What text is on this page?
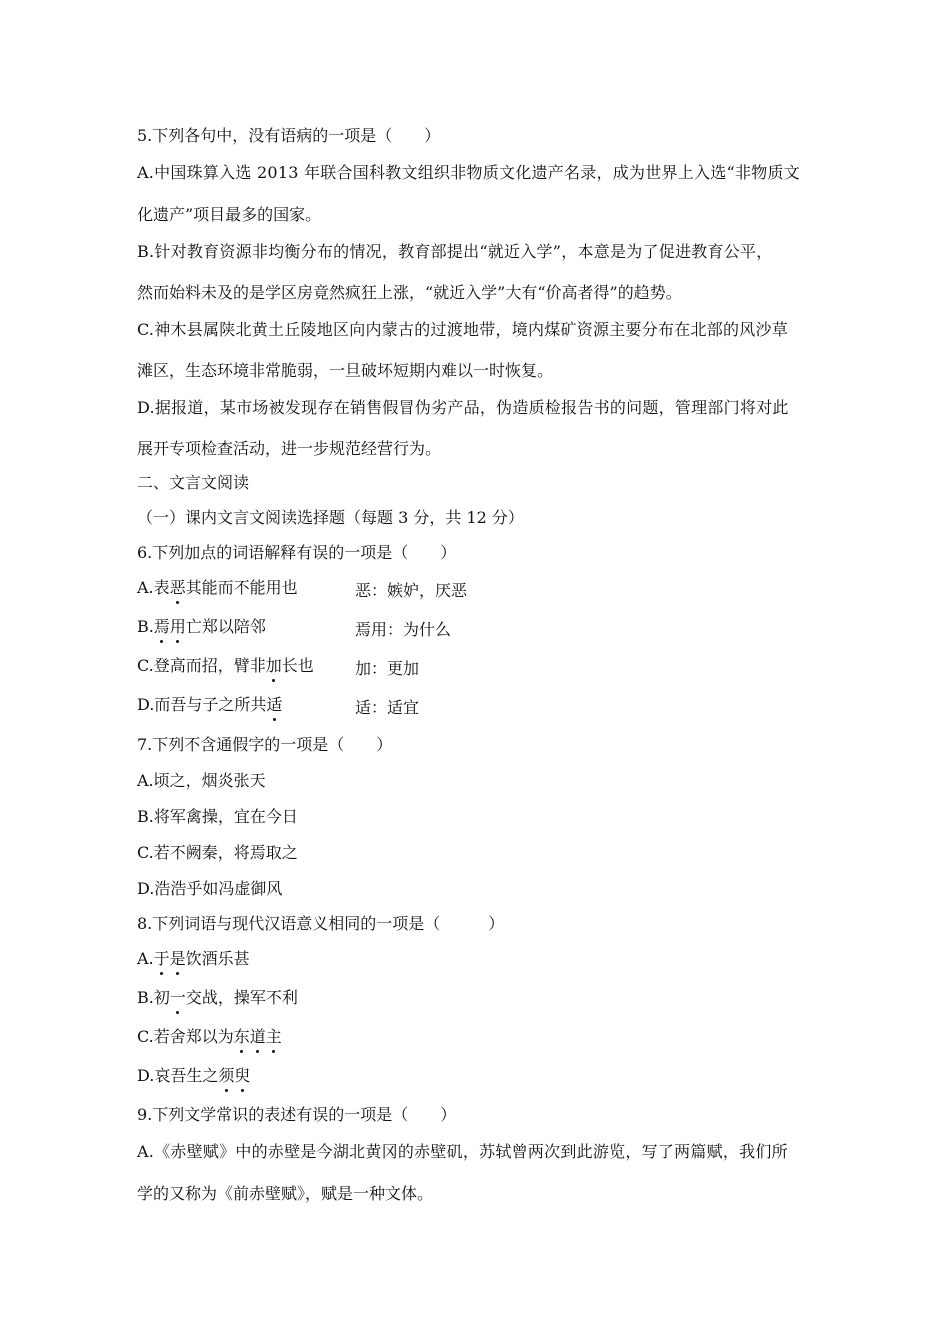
5.下列各句中，没有语病的一项是（　　）
A.中国珠算入选 2013 年联合国科教文组织非物质文化遗产名录，成为世界上入选“非物质文
化遗产”项目最多的国家。
B.针对教育资源非均衡分布的情况，教育部提出“就近入学”，本意是为了促进教育公平，
然而始料未及的是学区房竟然疯狂上涨，“就近入学”大有“价高者得”的趋势。
C.神木县属陕北黄土丘陵地区向内蒙古的过渡地带，境内煤矿资源主要分布在北部的风沙草
滩区，生态环境非常脆弱，一旦破坏短期内难以一时恢复。
D.据报道，某市场被发现存在销售假冒伪劣产品，伪造质检报告书的问题，管理部门将对此
展开专项检查活动，进一步规范经营行为。
二、文言文阅读
（一）课内文言文阅读选择题（每题 3 分，共 12 分）
6.下列加点的词语解释有误的一项是（　　）
A.表恶其能而不能用也	恶：嫉妒，厌恶
B.焉用亡郑以陪邻	焉用：为什么
C.登高而招，臂非加长也	加：更加
D.而吾与子之所共适	适：适宜
7.下列不含通假字的一项是（　　）
A.顷之，烟炎张天
B.将军禽操，宜在今日
C.若不阙秦，将焉取之
D.浩浩乎如冯虚御风
8.下列词语与现代汉语意义相同的一项是（　　　）
A.于是饮酒乐甚
B.初一交战，操军不利
C.若舍郑以为东道主
D.哀吾生之须臾
9.下列文学常识的表述有误的一项是（　　）
A.《赤壁赋》中的赤壁是今湖北黄冈的赤壁矶，苏轼曾两次到此游览，写了两篇赋，我们所
学的又称为《前赤壁赋》，赋是一种文体。
